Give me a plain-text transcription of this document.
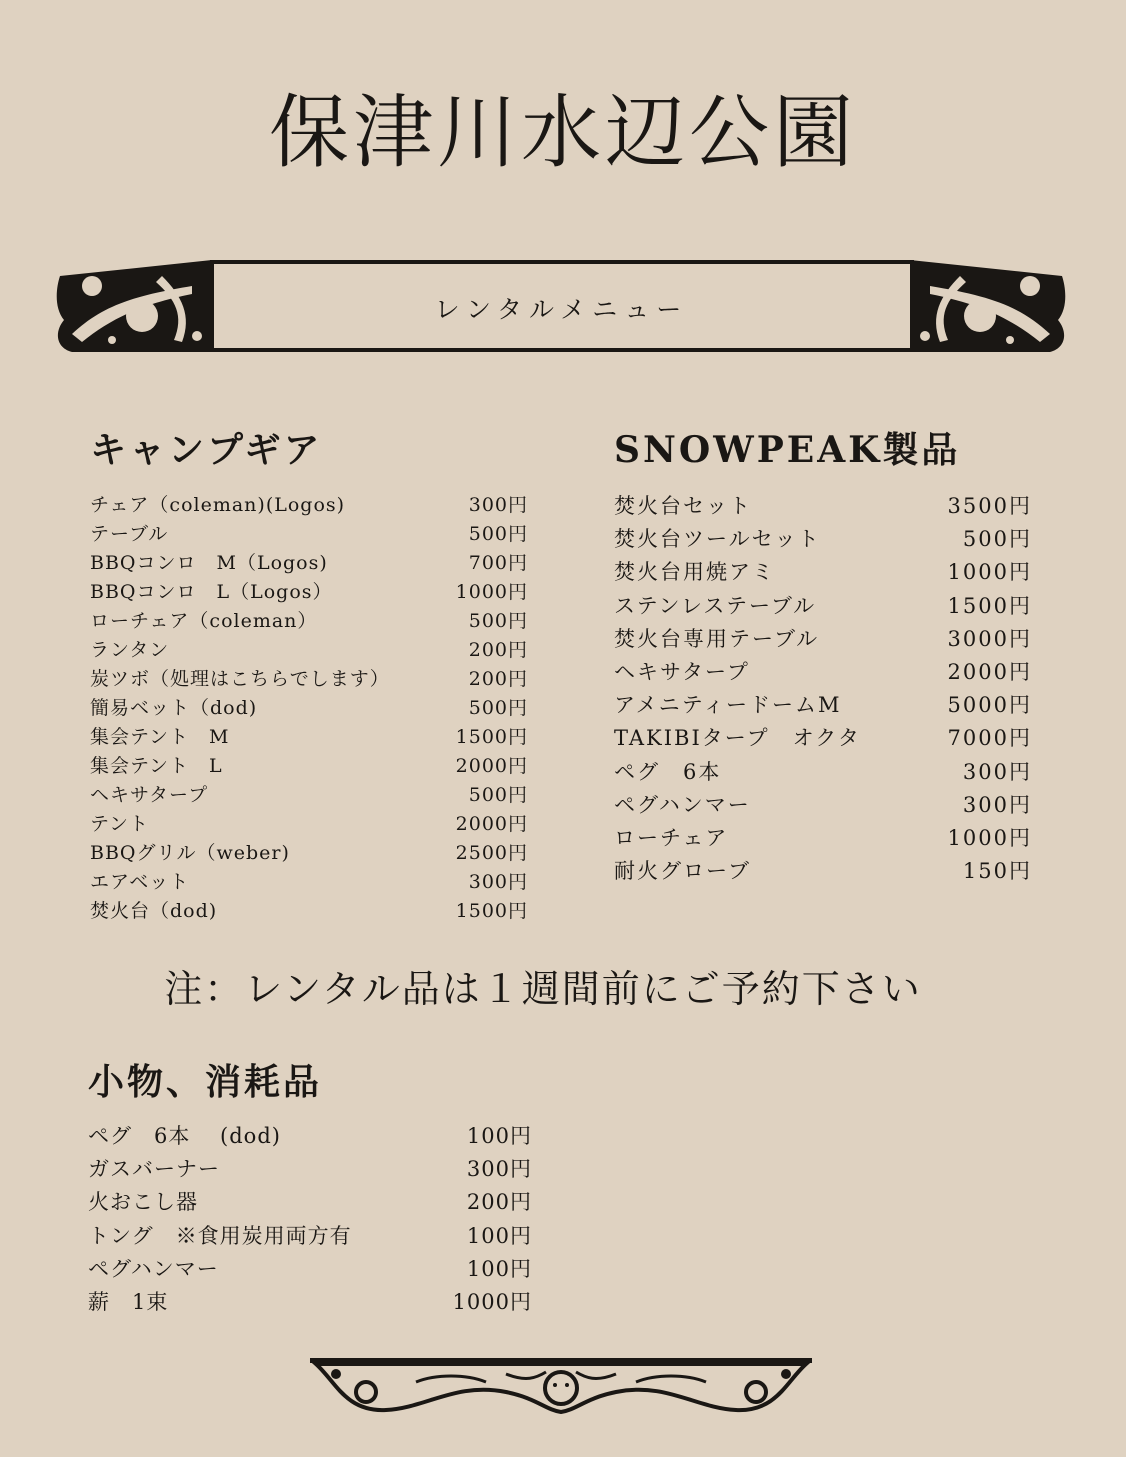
保津川水辺公園
レンタルメニュー
キャンプギア
チェア（coleman)(Logos)	300円
テーブル	500円
BBQコンロ　M（Logos)	700円
BBQコンロ　L（Logos）	1000円
ローチェア（coleman）	500円
ランタン	200円
炭ツボ（処理はこちらでします）	200円
簡易ベット（dod)	500円
集会テント　M	1500円
集会テント　L	2000円
ヘキサタープ	500円
テント	2000円
BBQグリル（weber)	2500円
エアベット	300円
焚火台（dod)	1500円
SNOWPEAK製品
焚火台セット	3500円
焚火台ツールセット	500円
焚火台用焼アミ	1000円
ステンレステーブル	1500円
焚火台専用テーブル	3000円
ヘキサタープ	2000円
アメニティードームM	5000円
TAKIBIタープ　オクタ	7000円
ペグ　6本	300円
ペグハンマー	300円
ローチェア	1000円
耐火グローブ	150円
注：レンタル品は１週間前にご予約下さい
小物、消耗品
ペグ　6本　 (dod)	100円
ガスバーナー	300円
火おこし器	200円
トング　※食用炭用両方有	100円
ペグハンマー	100円
薪　1束	1000円
